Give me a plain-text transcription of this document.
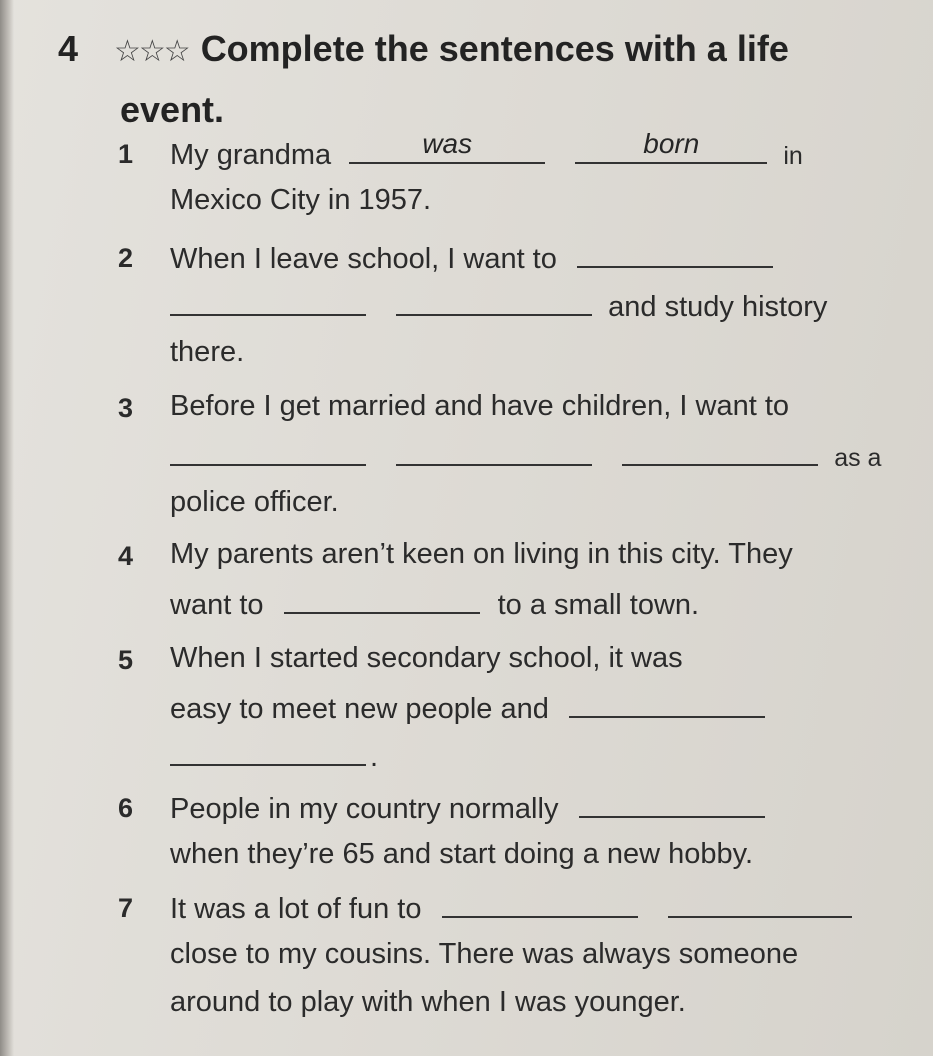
4 ☆☆☆ Complete the sentences with a life
event.
1 My grandma	was
	born	in
Mexico City in 1957.
2 When I leave school, I want to
and study history
there.
3 Before I get married and have children, I want to
as a
police officer.
4 My parents aren’t keen on living in this city. They
want to	to a small town.
5 When I started secondary school, it was
easy to meet new people and
.
6 People in my country normally
when they’re 65 and start doing a new hobby.
7 It was a lot of fun to
close to my cousins. There was always someone
around to play with when I was younger.
